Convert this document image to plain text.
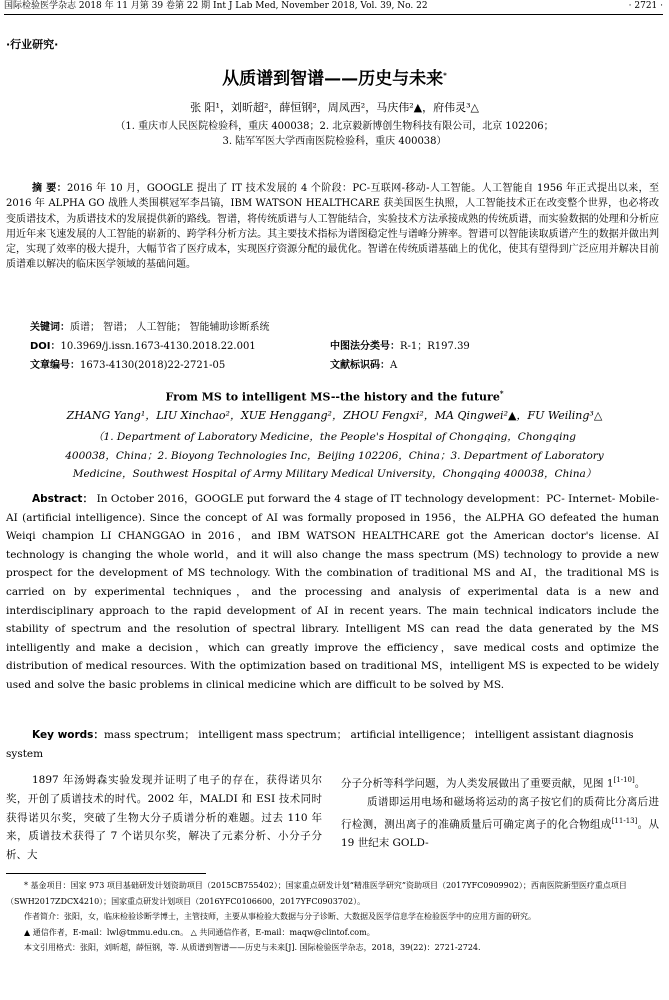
国际检验医学杂志 2018 年 11 月第 39 卷第 22 期 Int J Lab Med, November 2018, Vol. 39, No. 22	· 2721 ·
·行业研究·
从质谱到智谱——历史与未来*
张 阳¹，刘昕超²，薛恒钢²，周凤西²，马庆伟²▲，府伟灵³△
（1. 重庆市人民医院检验科，重庆 400038；2. 北京毅新博创生物科技有限公司，北京 102206；
3. 陆军军医大学西南医院检验科，重庆 400038）
摘 要：2016 年 10 月，GOOGLE 提出了 IT 技术发展的 4 个阶段：PC-互联网-移动-人工智能。人工智能自 1956 年正式提出以来，至 2016 年 ALPHA GO 战胜人类围棋冠军李昌镐，IBM WATSON HEALTHCARE 获美国医生执照，人工智能技术正在改变整个世界，也必将改变质谱技术，为质谱技术的发展提供新的路线。智谱，将传统质谱与人工智能结合，实验技术方法承接成熟的传统质谱，而实验数据的处理和分析应用近年来飞速发展的人工智能的崭新的、跨学科分析方法。其主要技术指标为谱图稳定性与谱峰分辨率。智谱可以智能读取质谱产生的数据并做出判定，实现了效率的极大提升，大幅节省了医疗成本，实现医疗资源分配的最优化。智谱在传统质谱基础上的优化，使其有望得到广泛应用并解决目前质谱难以解决的临床医学领域的基础问题。
关键词：质谱； 智谱； 人工智能； 智能辅助诊断系统
DOI：10.3969/j.issn.1673-4130.2018.22.001	中图法分类号：R-1；R197.39
文章编号：1673-4130(2018)22-2721-05	文献标识码：A
From MS to intelligent MS--the history and the future*
ZHANG Yang¹，LIU Xinchao²，XUE Henggang²，ZHOU Fengxi²，MA Qingwei²▲，FU Weiling³△
（1. Department of Laboratory Medicine，the People's Hospital of Chongqing，Chongqing
400038，China；2. Bioyong Technologies Inc，Beijing 102206，China；3. Department of Laboratory
Medicine，Southwest Hospital of Army Military Medical University，Chongqing 400038，China）
Abstract： In October 2016，GOOGLE put forward the 4 stage of IT technology development：PC- Internet- Mobile- AI (artificial intelligence). Since the concept of AI was formally proposed in 1956，the ALPHA GO defeated the human Weiqi champion LI CHANGGAO in 2016，and IBM WATSON HEALTHCARE got the American doctor's license. AI technology is changing the whole world，and it will also change the mass spectrum (MS) technology to provide a new prospect for the development of MS technology. With the combination of traditional MS and AI，the traditional MS is carried on by experimental techniques，and the processing and analysis of experimental data is a new and interdisciplinary approach to the rapid development of AI in recent years. The main technical indicators include the stability of spectrum and the resolution of spectral library. Intelligent MS can read the data generated by the MS intelligently and make a decision，which can greatly improve the efficiency，save medical costs and optimize the distribution of medical resources. With the optimization based on traditional MS，intelligent MS is expected to be widely used and solve the basic problems in clinical medicine which are difficult to be solved by MS.
Key words：mass spectrum； intelligent mass spectrum； artificial intelligence； intelligent assistant diagnosis system

1897 年汤姆森实验发现并证明了电子的存在，获得诺贝尔奖，开创了质谱技术的时代。2002 年，MALDI 和 ESI 技术同时获得诺贝尔奖，突破了生物大分子质谱分析的难题。过去 110 年来，质谱技术获得了 7 个诺贝尔奖，解决了元素分析、小分子分析、大

分子分析等科学问题，为人类发展做出了重要贡献，见图 1[1-10]。

质谱即运用电场和磁场将运动的离子按它们的质荷比分离后进行检测，测出离子的准确质量后可确定离子的化合物组成[11-13]。从 19 世纪末 GOLD-

* 基金项目：国家 973 项目基础研发计划资助项目（2015CB755402）；国家重点研发计划“精准医学研究”资助项目（2017YFC0909902）；西南医院新型医疗重点项目（SWH2017ZDCX4210）；国家重点研发计划项目（2016YFC0106600，2017YFC0903702）。

作者简介：张阳，女，临床检验诊断学博士，主管技师，主要从事检验大数据与分子诊断、大数据及医学信息学在检验医学中的应用方面的研究。

▲ 通信作者，E-mail：lwl@tmmu.edu.cn。 △ 共同通信作者，E-mail：maqw@clintof.com。

本文引用格式：张阳，刘昕超，薛恒钢，等. 从质谱到智谱——历史与未来[J]. 国际检验医学杂志，2018，39(22)：2721-2724.
